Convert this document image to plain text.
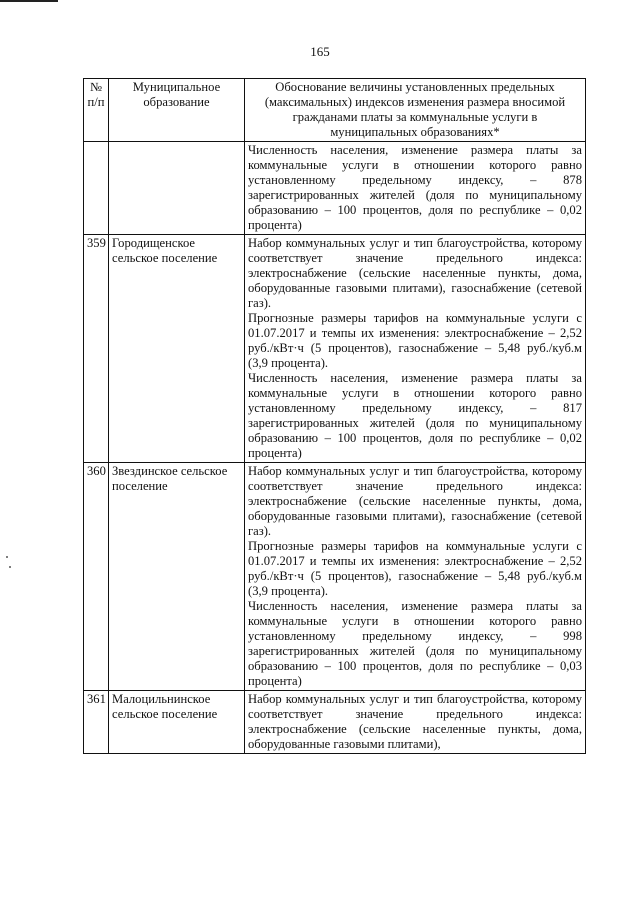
165
№ п/п	Муниципальное образование	Обоснование величины установленных предельных (максимальных) индексов изменения размера вносимой гражданами платы за коммунальные услуги в муниципальных образованиях*

		Численность населения, изменение размера платы за коммунальные услуги в отношении которого равно установленному предельному индексу, – 878 зарегистрированных жителей (доля по муниципальному образованию – 100 процентов, доля по республике – 0,02 процента)

359	Городищенское сельское поселение	Набор коммунальных услуг и тип благоустройства, которому соответствует значение предельного индекса: электроснабжение (сельские населенные пункты, дома, оборудованные газовыми плитами), газоснабжение (сетевой газ).

Прогнозные размеры тарифов на коммунальные услуги с 01.07.2017 и темпы их изменения: электроснабжение – 2,52 руб./кВт·ч (5 процентов), газоснабжение – 5,48 руб./куб.м (3,9 процента).

Численность населения, изменение размера платы за коммунальные услуги в отношении которого равно установленному предельному индексу, – 817 зарегистрированных жителей (доля по муниципальному образованию – 100 процентов, доля по республике – 0,02 процента)

360	Звездинское сельское поселение	Набор коммунальных услуг и тип благоустройства, которому соответствует значение предельного индекса: электроснабжение (сельские населенные пункты, дома, оборудованные газовыми плитами), газоснабжение (сетевой газ).

Прогнозные размеры тарифов на коммунальные услуги с 01.07.2017 и темпы их изменения: электроснабжение – 2,52 руб./кВт·ч (5 процентов), газоснабжение – 5,48 руб./куб.м (3,9 процента).

Численность населения, изменение размера платы за коммунальные услуги в отношении которого равно установленному предельному индексу, – 998 зарегистрированных жителей (доля по муниципальному образованию – 100 процентов, доля по республике – 0,03 процента)

361	Малоцильнинское сельское поселение	Набор коммунальных услуг и тип благоустройства, которому соответствует значение предельного индекса: электроснабжение (сельские населенные пункты, дома, оборудованные газовыми плитами),
